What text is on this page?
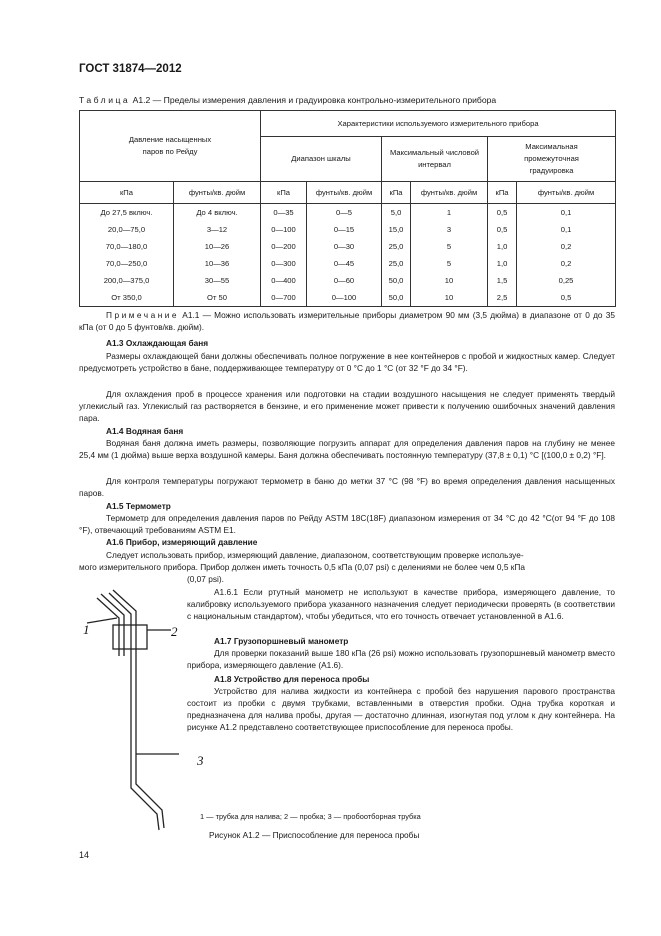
ГОСТ 31874—2012
Таблица А1.2 — Пределы измерения давления и градуировка контрольно-измерительного прибора
Давление насыщенных паров по Рейду		Характеристики используемого измерительного прибора					
		Диапазон шкалы		Максимальный числовой интервал		Максимальная промежуточная градуировка	
кПа	фунты/кв. дюйм	кПа	фунты/кв. дюйм	кПа	фунты/кв. дюйм	кПа	фунты/кв. дюйм
До 27,5 включ.	До 4 включ.	0—35	0—5	5,0	1	0,5	0,1
20,0—75,0	3—12	0—100	0—15	15,0	3	0,5	0,1
70,0—180,0	10—26	0—200	0—30	25,0	5	1,0	0,2
70,0—250,0	10—36	0—300	0—45	25,0	5	1,0	0,2
200,0—375,0	30—55	0—400	0—60	50,0	10	1,5	0,25
От 350,0	От 50	0—700	0—100	50,0	10	2,5	0,5
Примечание А1.1 — Можно использовать измерительные приборы диаметром 90 мм (3,5 дюйма) в диапазоне от 0 до 35 кПа (от 0 до 5 фунтов/кв. дюйм).
А1.3 Охлаждающая баня
Размеры охлаждающей бани должны обеспечивать полное погружение в нее контейнеров с пробой и жидкостных камер. Следует предусмотреть устройство в бане, поддерживающее температуру от 0 °С до 1 °С (от 32 °F до 34 °F).
Для охлаждения проб в процессе хранения или подготовки на стадии воздушного насыщения не следует применять твердый углекислый газ. Углекислый газ растворяется в бензине, и его применение может привести к получению ошибочных значений давления пара.
А1.4 Водяная баня
Водяная баня должна иметь размеры, позволяющие погрузить аппарат для определения давления паров на глубину не менее 25,4 мм (1 дюйма) выше верха воздушной камеры. Баня должна обеспечивать постоянную температуру (37,8 ± 0,1) °С [(100,0 ± 0,2) °F].
Для контроля температуры погружают термометр в баню до метки 37 °С (98 °F) во время определения давления насыщенных паров.
А1.5 Термометр
Термометр для определения давления паров по Рейду ASTM 18C(18F) диапазоном измерения от 34 °С до 42 °С(от 94 °F до 108 °F), отвечающий требованиям ASTM E1.
А1.6 Прибор, измеряющий давление
Следует использовать прибор, измеряющий давление, диапазоном, соответствующим проверке используе-
мого измерительного прибора. Прибор должен иметь точность 0,5 кПа (0,07 psi) с делениями не более чем 0,5 кПа
(0,07 psi).
А1.6.1 Если ртутный манометр не используют в качестве прибора, измеряющего давление, то калибровку используемого прибора указанного назначения следует периодически проверять (в соответствии с национальным стандартом), чтобы убедиться, что его точность отвечает установленной в А1.6.
А1.7 Грузопоршневый манометр
Для проверки показаний выше 180 кПа (26 psi) можно использовать грузопоршневый манометр вместо прибора, измеряющего давление (А1.6).
А1.8 Устройство для переноса пробы
Устройство для налива жидкости из контейнера с пробой без нарушения парового пространства состоит из пробки с двумя трубками, вставленными в отверстия пробки. Одна трубка короткая и предназначена для налива пробы, другая — достаточно длинная, изогнутая под углом к дну контейнера. На рисунке А1.2 представлено соответствующее приспособление для переноса пробы.
1	2
3
1 — трубка для налива; 2 — пробка; 3 — пробоотборная трубка
Рисунок А1.2 — Приспособление для переноса пробы
14
